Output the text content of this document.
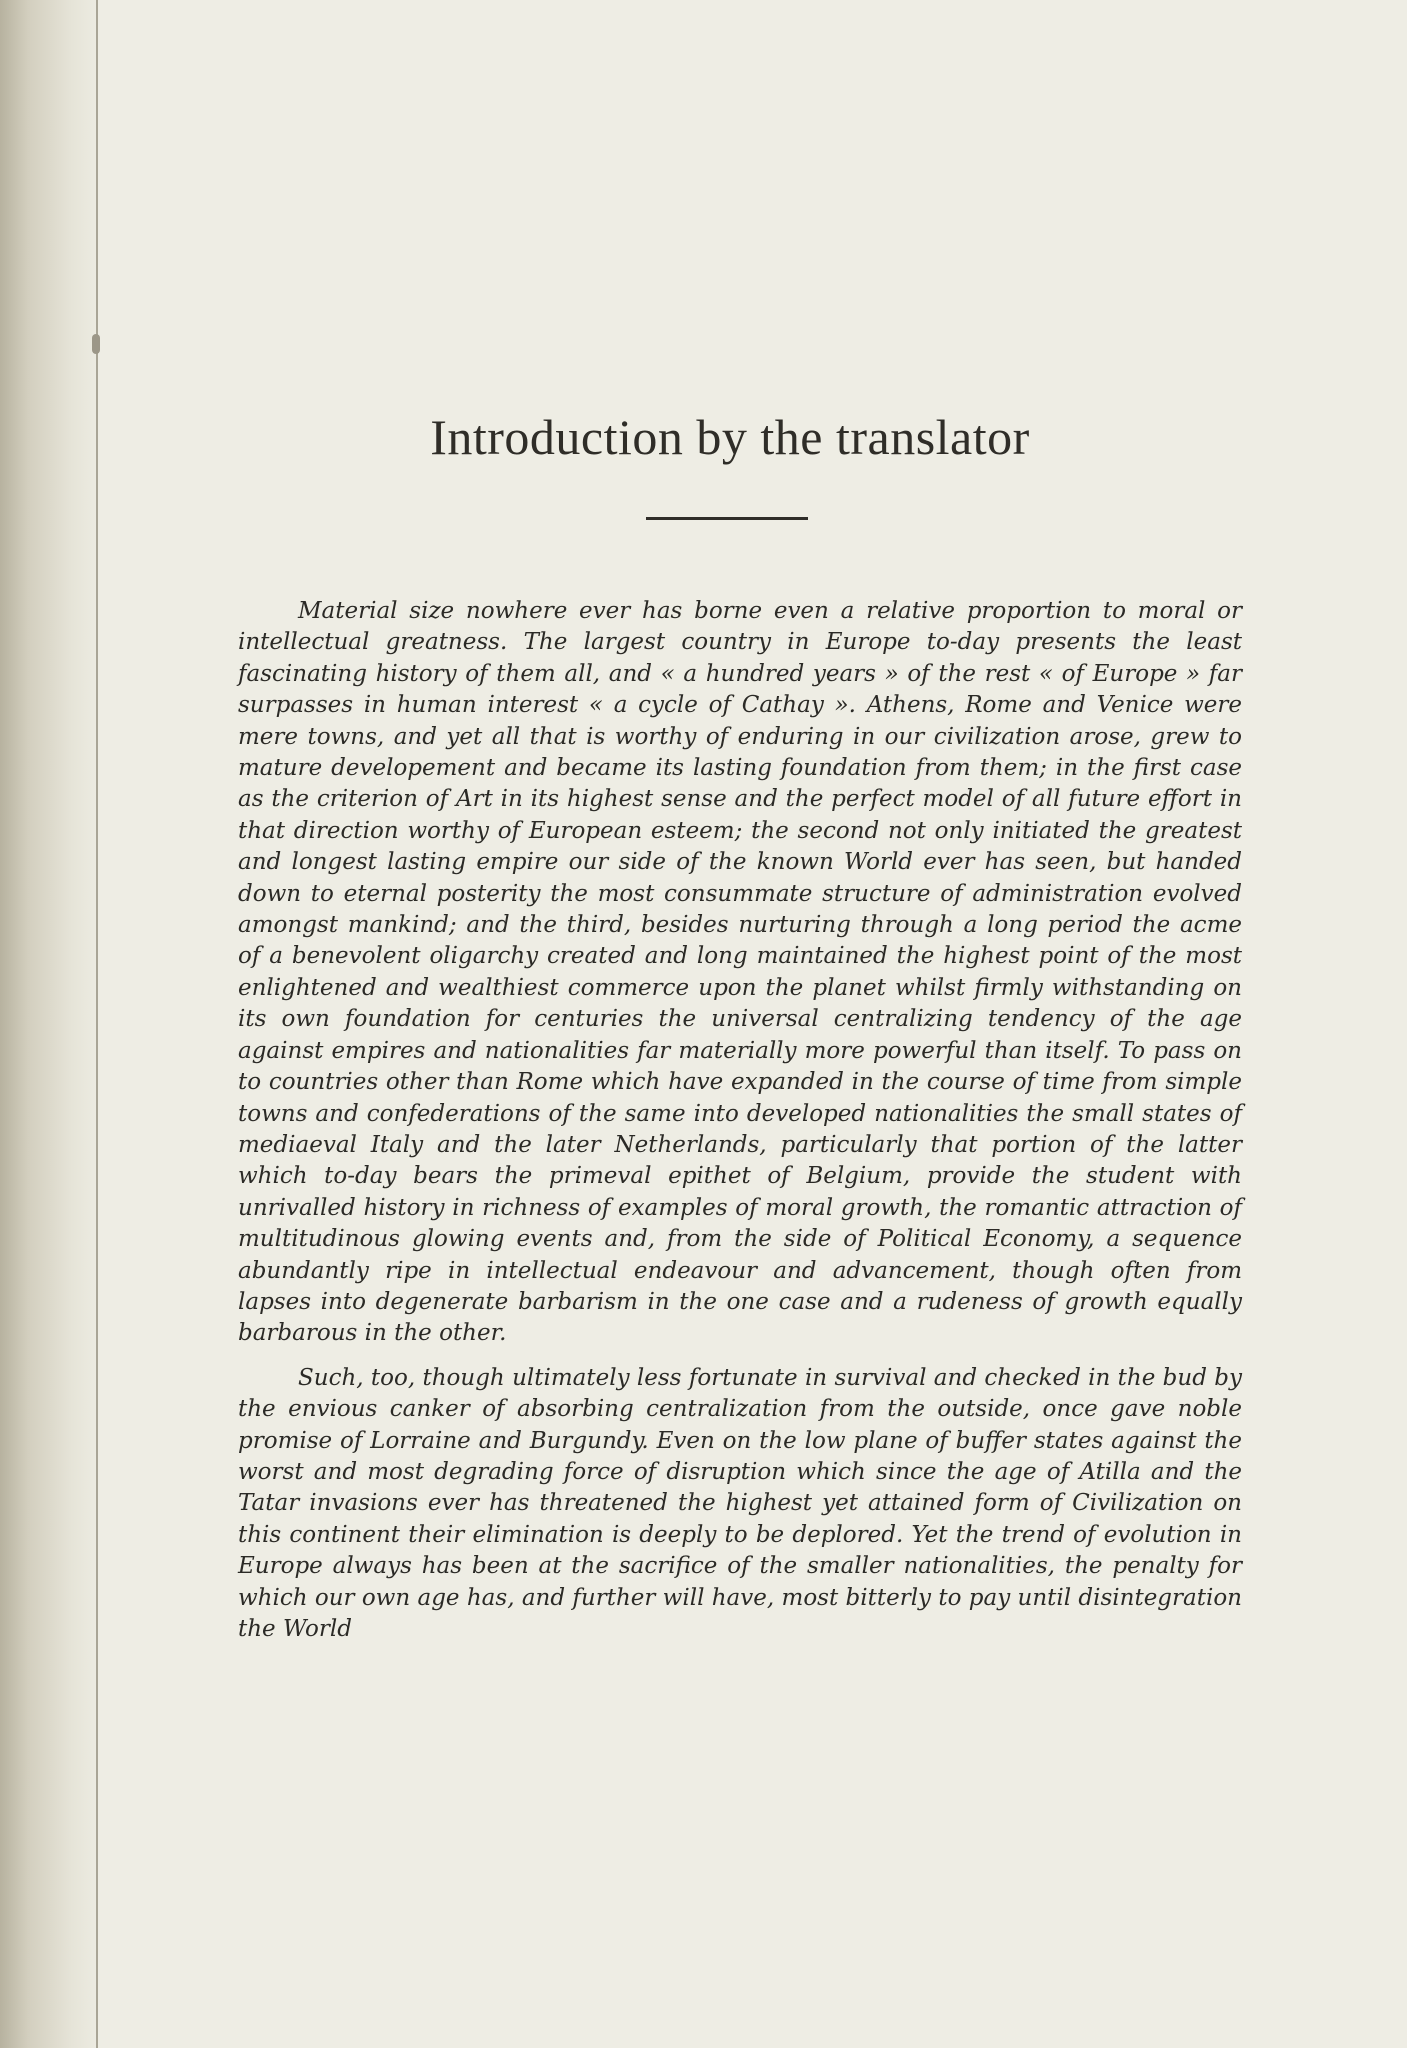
Introduction by the translator

Material size nowhere ever has borne even a relative proportion to moral or intellectual greatness. The largest country in Europe to-day presents the least fascinating history of them all, and « a hundred years » of the rest « of Europe » far surpasses in human interest « a cycle of Cathay ». Athens, Rome and Venice were mere towns, and yet all that is worthy of enduring in our civilization arose, grew to mature developement and became its lasting foundation from them; in the first case as the criterion of Art in its highest sense and the perfect model of all future effort in that direction worthy of European esteem; the second not only initiated the greatest and longest lasting empire our side of the known World ever has seen, but handed down to eternal posterity the most consummate structure of administration evolved amongst mankind; and the third, besides nurturing through a long period the acme of a benevolent oligarchy created and long maintained the highest point of the most enlightened and wealthiest commerce upon the planet whilst firmly withstanding on its own foundation for centuries the universal centralizing tendency of the age against empires and nationalities far materially more powerful than itself. To pass on to countries other than Rome which have expanded in the course of time from simple towns and confederations of the same into developed nationalities the small states of mediaeval Italy and the later Netherlands, particularly that portion of the latter which to-day bears the primeval epithet of Belgium, provide the student with unrivalled history in richness of examples of moral growth, the romantic attraction of multitudinous glowing events and, from the side of Political Economy, a sequence abundantly ripe in intellectual endeavour and advancement, though often from lapses into degenerate barbarism in the one case and a rudeness of growth equally barbarous in the other.

Such, too, though ultimately less fortunate in survival and checked in the bud by the envious canker of absorbing centralization from the outside, once gave noble promise of Lorraine and Burgundy. Even on the low plane of buffer states against the worst and most degrading force of disruption which since the age of Atilla and the Tatar invasions ever has threatened the highest yet attained form of Civilization on this continent their elimination is deeply to be deplored. Yet the trend of evolution in Europe always has been at the sacrifice of the smaller nationalities, the penalty for which our own age has, and further will have, most bitterly to pay until disintegration the World
